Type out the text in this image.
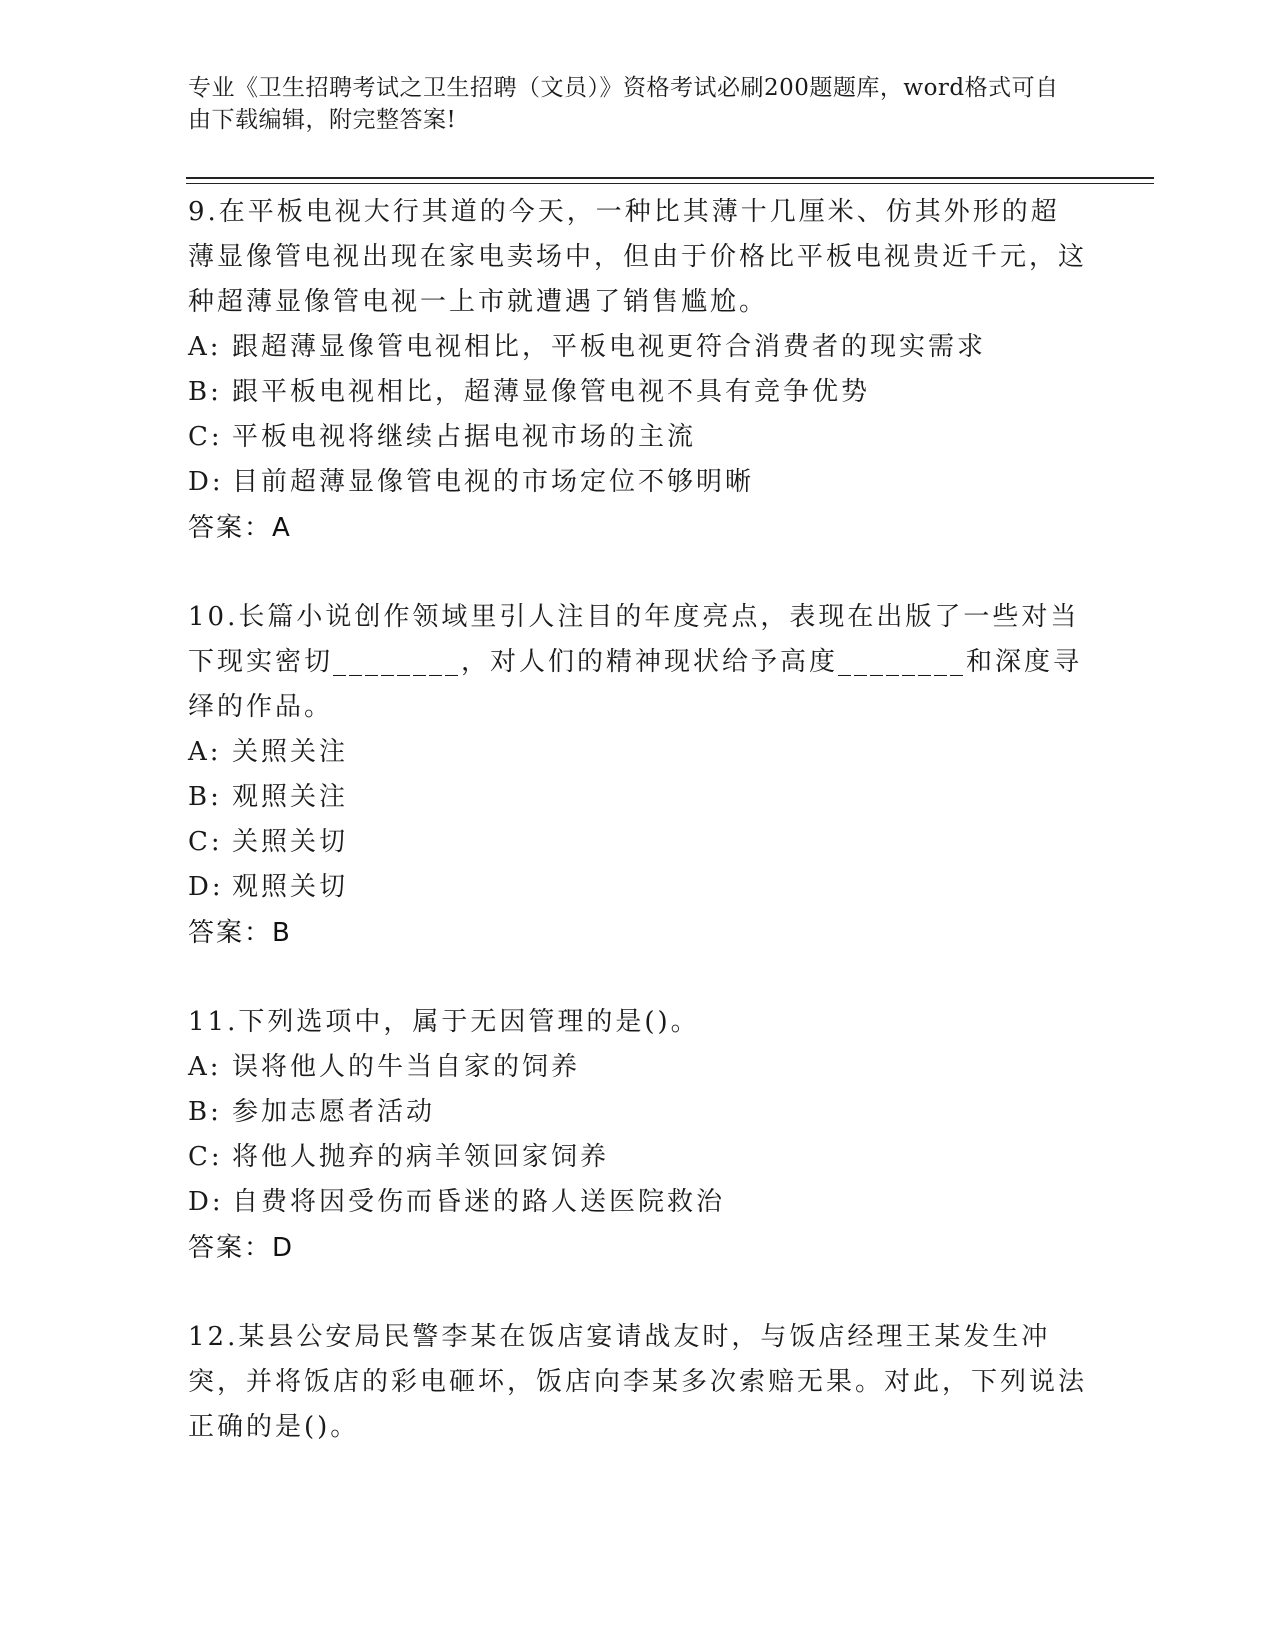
专业《卫生招聘考试之卫生招聘（文员）》资格考试必刷200题题库，word格式可自由下载编辑，附完整答案!
9.在平板电视大行其道的今天，一种比其薄十几厘米、仿其外形的超薄显像管电视出现在家电卖场中，但由于价格比平板电视贵近千元，这种超薄显像管电视一上市就遭遇了销售尴尬。
A: 跟超薄显像管电视相比，平板电视更符合消费者的现实需求
B: 跟平板电视相比，超薄显像管电视不具有竞争优势
C: 平板电视将继续占据电视市场的主流
D: 目前超薄显像管电视的市场定位不够明晰
答案：A
10.长篇小说创作领域里引人注目的年度亮点，表现在出版了一些对当下现实密切________，对人们的精神现状给予高度________和深度寻绎的作品。
A: 关照关注
B: 观照关注
C: 关照关切
D: 观照关切
答案：B
11.下列选项中，属于无因管理的是()。
A: 误将他人的牛当自家的饲养
B: 参加志愿者活动
C: 将他人抛弃的病羊领回家饲养
D: 自费将因受伤而昏迷的路人送医院救治
答案：D
12.某县公安局民警李某在饭店宴请战友时，与饭店经理王某发生冲突，并将饭店的彩电砸坏，饭店向李某多次索赔无果。对此，下列说法正确的是()。
